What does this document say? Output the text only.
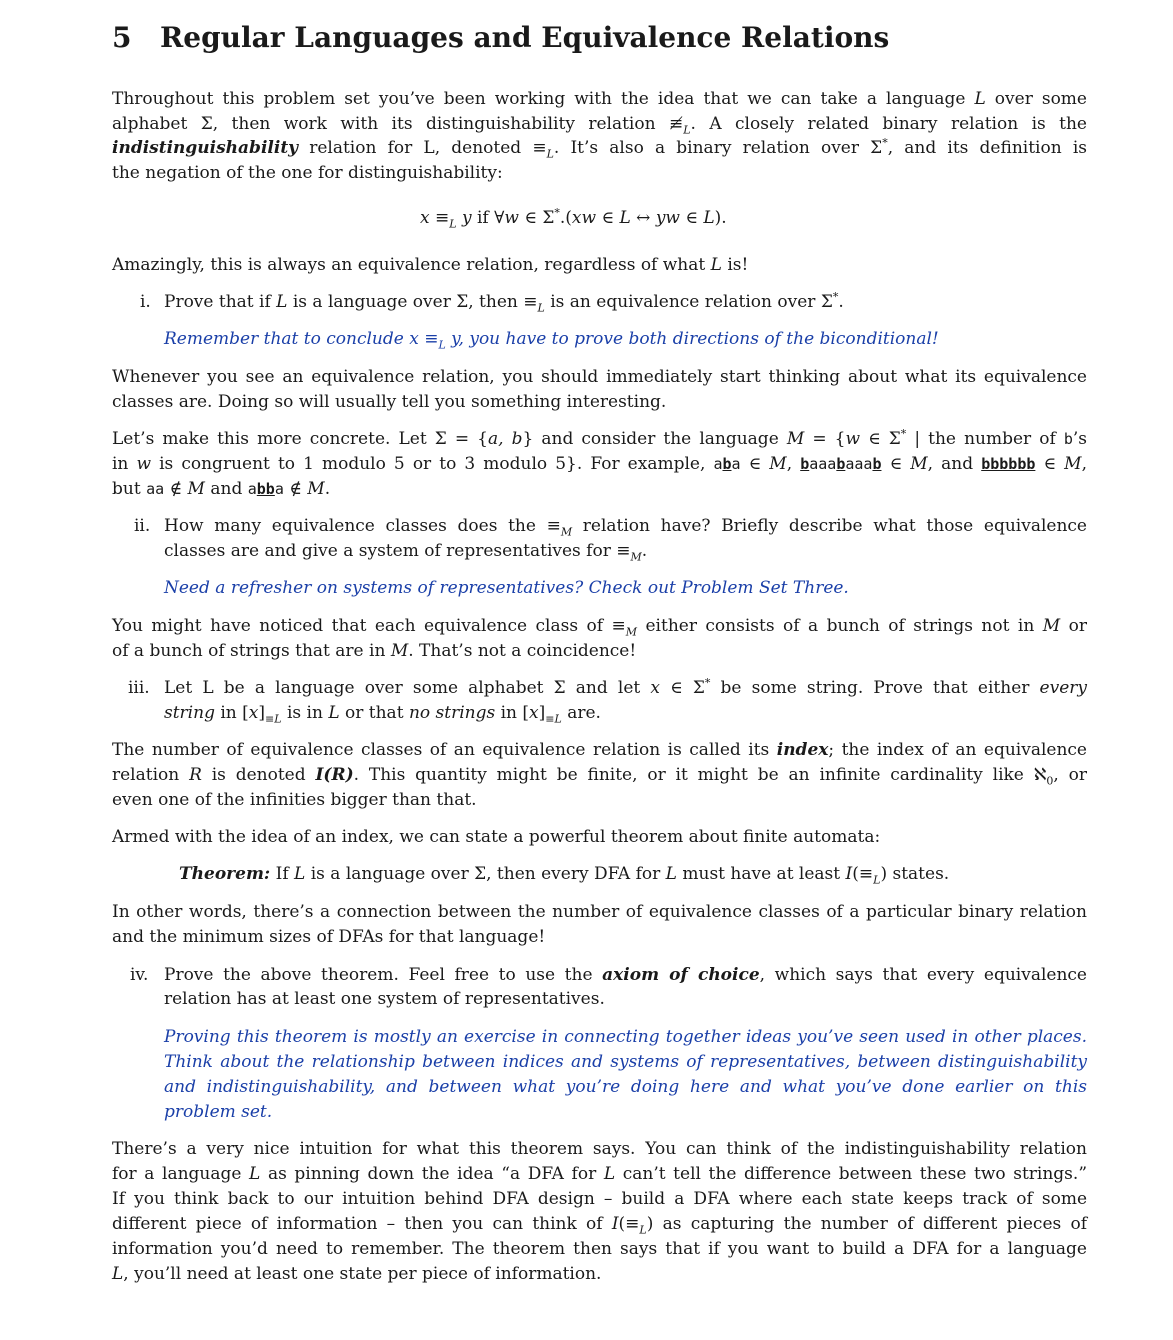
5 Regular Languages and Equivalence Relations
Throughout this problem set you’ve been working with the idea that we can take a language L over some
alphabet Σ, then work with its distinguishability relation $≢_L$. A closely related binary relation is the
indistinguishability relation for L, denoted $\equiv_L$. It’s also a binary relation over Σ*, and its definition is
the negation of the one for distinguishability:
$x \equiv_L$ y if ∀w ∈ Σ*.(xw ∈ L ↔ yw ∈ L).
Amazingly, this is always an equivalence relation, regardless of what L is!
i. Prove that if L is a language over Σ, then $\equiv_L$ is an equivalence relation over Σ*.
Remember that to conclude $x \equiv_L$ y, you have to prove both directions of the biconditional!
Whenever you see an equivalence relation, you should immediately start thinking about what its equivalence
classes are. Doing so will usually tell you something interesting.
Let’s make this more concrete. Let Σ = {a, b} and consider the language M = {w ∈ Σ* | the number of b’s
in w is congruent to 1 modulo 5 or to 3 modulo 5}. For example, aba ∈ M, baaabaaab ∈ M, and bbbbbb ∈ M,
but aa ∉ M and abba ∉ M.
ii. How many equivalence classes does the $\equiv_M$ relation have? Briefly describe what those equivalence
classes are and give a system of representatives for $\equiv_M$.
Need a refresher on systems of representatives? Check out Problem Set Three.
You might have noticed that each equivalence class of $\equiv_M$ either consists of a bunch of strings not in M or
of a bunch of strings that are in M. That’s not a coincidence!
iii. Let L be a language over some alphabet Σ and let x ∈ Σ* be some string. Prove that either every
string in $[x]_{\equiv L}$ is in L or that no strings in $[x]_{\equiv L}$ are.
The number of equivalence classes of an equivalence relation is called its index; the index of an equivalence
relation R is denoted I(R). This quantity might be finite, or it might be an infinite cardinality like ℵ$_0$, or
even one of the infinities bigger than that.
Armed with the idea of an index, we can state a powerful theorem about finite automata:
Theorem: If L is a language over Σ, then every DFA for L must have at least $I(\equiv_L)$ states.
In other words, there’s a connection between the number of equivalence classes of a particular binary relation
and the minimum sizes of DFAs for that language!
iv. Prove the above theorem. Feel free to use the axiom of choice, which says that every equivalence
relation has at least one system of representatives.
Proving this theorem is mostly an exercise in connecting together ideas you’ve seen used in other places.
Think about the relationship between indices and systems of representatives, between distinguishability
and indistinguishability, and between what you’re doing here and what you’ve done earlier on this
problem set.
There’s a very nice intuition for what this theorem says. You can think of the indistinguishability relation
for a language L as pinning down the idea “a DFA for L can’t tell the difference between these two strings.”
If you think back to our intuition behind DFA design – build a DFA where each state keeps track of some
different piece of information – then you can think of $I(\equiv_L)$ as capturing the number of different pieces of
information you’d need to remember. The theorem then says that if you want to build a DFA for a language
L, you’ll need at least one state per piece of information.
